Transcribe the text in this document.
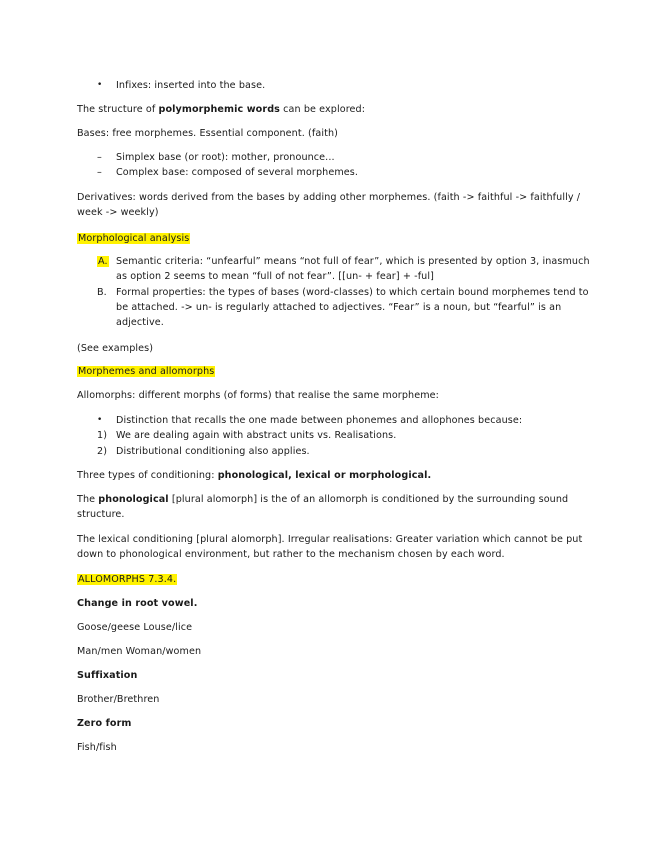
• Infixes: inserted into the base.
The structure of polymorphemic words can be explored:
Bases: free morphemes. Essential component. (faith)
– Simplex base (or root): mother, pronounce...
– Complex base: composed of several morphemes.
Derivatives: words derived from the bases by adding other morphemes. (faith -> faithful -> faithfully /
week -> weekly)
Morphological analysis
A. Semantic criteria: “unfearful” means “not full of fear”, which is presented by option 3, inasmuch
as option 2 seems to mean “full of not fear”. [[un- + fear] + -ful]
B. Formal properties: the types of bases (word-classes) to which certain bound morphemes tend to
be attached. -> un- is regularly attached to adjectives. “Fear” is a noun, but “fearful” is an
adjective.
(See examples)
Morphemes and allomorphs
Allomorphs: different morphs (of forms) that realise the same morpheme:
• Distinction that recalls the one made between phonemes and allophones because:
1) We are dealing again with abstract units vs. Realisations.
2) Distributional conditioning also applies.
Three types of conditioning: phonological, lexical or morphological.
The phonological [plural alomorph] is the of an allomorph is conditioned by the surrounding sound
structure.
The lexical conditioning [plural alomorph]. Irregular realisations: Greater variation which cannot be put
down to phonological environment, but rather to the mechanism chosen by each word.
ALLOMORPHS 7.3.4.
Change in root vowel.
Goose/geese Louse/lice
Man/men Woman/women
Suffixation
Brother/Brethren
Zero form
Fish/fish
